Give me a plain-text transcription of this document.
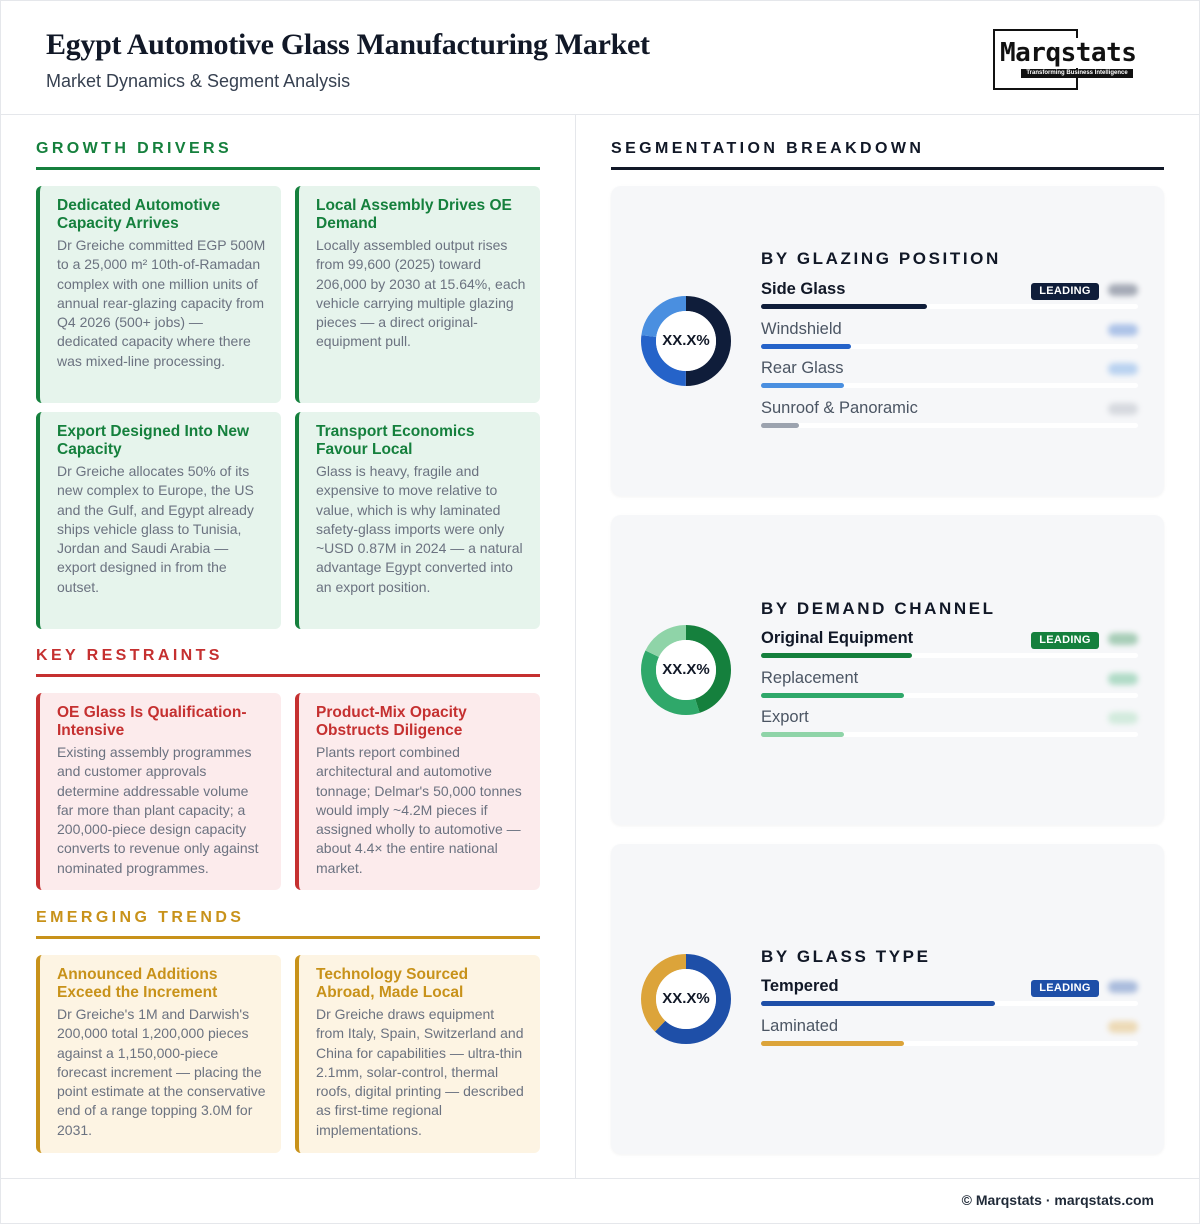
Egypt Automotive Glass Manufacturing Market
Market Dynamics & Segment Analysis
Marqstats
Transforming Business Intelligence
GROWTH DRIVERS
Dedicated Automotive Capacity Arrives

Dr Greiche committed EGP 500M to a 25,000 m² 10th-of-Ramadan complex with one million units of annual rear-glazing capacity from Q4 2026 (500+ jobs) — dedicated capacity where there was mixed-line processing.

Local Assembly Drives OE Demand

Locally assembled output rises from 99,600 (2025) toward 206,000 by 2030 at 15.64%, each vehicle carrying multiple glazing pieces — a direct original-equipment pull.

Export Designed Into New Capacity

Dr Greiche allocates 50% of its new complex to Europe, the US and the Gulf, and Egypt already ships vehicle glass to Tunisia, Jordan and Saudi Arabia — export designed in from the outset.

Transport Economics Favour Local

Glass is heavy, fragile and expensive to move relative to value, which is why laminated safety-glass imports were only ~USD 0.87M in 2024 — a natural advantage Egypt converted into an export position.

KEY RESTRAINTS
OE Glass Is Qualification-Intensive

Existing assembly programmes and customer approvals determine addressable volume far more than plant capacity; a 200,000-piece design capacity converts to revenue only against nominated programmes.

Product-Mix Opacity Obstructs Diligence

Plants report combined architectural and automotive tonnage; Delmar's 50,000 tonnes would imply ~4.2M pieces if assigned wholly to automotive — about 4.4× the entire national market.

EMERGING TRENDS
Announced Additions Exceed the Increment

Dr Greiche's 1M and Darwish's 200,000 total 1,200,000 pieces against a 1,150,000-piece forecast increment — placing the point estimate at the conservative end of a range topping 3.0M for 2031.

Technology Sourced Abroad, Made Local

Dr Greiche draws equipment from Italy, Spain, Switzerland and China for capabilities — ultra-thin 2.1mm, solar-control, thermal roofs, digital printing — described as first-time regional implementations.

SEGMENTATION BREAKDOWN
XX.X%
BY GLAZING POSITION
Side Glass	LEADING
Windshield
Rear Glass
Sunroof & Panoramic
XX.X%
BY DEMAND CHANNEL
Original Equipment	LEADING
Replacement
Export
XX.X%
BY GLASS TYPE
Tempered	LEADING
Laminated
© Marqstats · marqstats.com
